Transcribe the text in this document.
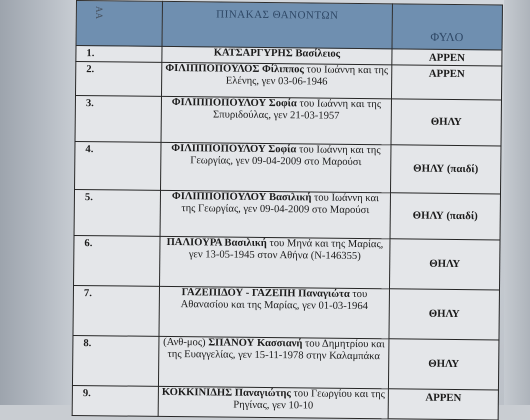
	ΠΙΝΑΚΑΣ ΘΑΝΟΝΤΩΝ	ΦΥΛΟ
1.	ΚΑΤΣΑΡΓΥΡΗΣ Βασίλειος	ΑΡΡΕΝ
2.	ΦΙΛΙΠΠΟΠΟΥΛΟΣ Φίλιππος του Ιωάννη και της Ελένης, γεν 03-06-1946	ΑΡΡΕΝ
3.	ΦΙΛΙΠΠΟΠΟΥΛΟΥ Σοφία του Ιωάννη και της Σπυριδούλας, γεν 21-03-1957	ΘΗΛΥ
4.	ΦΙΛΙΠΠΟΠΟΥΛΟΥ Σοφία του Ιωάννη και της Γεωργίας, γεν 09-04-2009 στο Μαρούσι	ΘΗΛΥ (παιδί)
5.	ΦΙΛΙΠΠΟΠΟΥΛΟΥ Βασιλική του Ιωάννη και της Γεωργίας, γεν 09-04-2009 στο Μαρούσι	ΘΗΛΥ (παιδί)
6.	ΠΑΛΙΟΥΡΑ Βασιλική του Μηνά και της Μαρίας, γεν 13-05-1945 στον Αθήνα (Ν-146355)	ΘΗΛΥ
7.	ΓΑΖΕΠΙΔΟΥ - ΓΑΖΕΠΗ Παναγιώτα του Αθανασίου και της Μαρίας, γεν 01-03-1964	ΘΗΛΥ
8.	(Ανθ-μος) ΣΠΑΝΟΥ Κασσιανή του Δημητρίου και της Ευαγγελίας, γεν 15-11-1978 στην Καλαμπάκα	ΘΗΛΥ
9.	ΚΟΚΚΙΝΙΔΗΣ Παναγιώτης του Γεωργίου και της Ρηγίνας, γεν 10-10	ΑΡΡΕΝ
ΑΑ
